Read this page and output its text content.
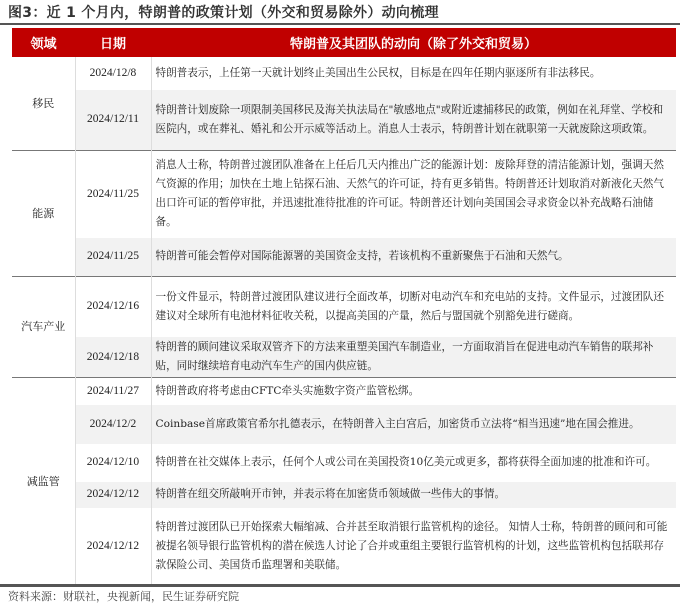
图3：近 1 个月内，特朗普的政策计划（外交和贸易除外）动向梳理
领域	日期	特朗普及其团队的动向（除了外交和贸易）
移民	2024/12/8	特朗普表示，上任第一天就计划终止美国出生公民权，目标是在四年任期内驱逐所有非法移民。
	2024/12/11	特朗普计划废除一项限制美国移民及海关执法局在"敏感地点"或附近逮捕移民的政策，例如在礼拜堂、学校和医院内，或在葬礼、婚礼和公开示威等活动上。消息人士表示，特朗普计划在就职第一天就废除这项政策。
能源	2024/11/25	消息人士称，特朗普过渡团队准备在上任后几天内推出广泛的能源计划：废除拜登的清洁能源计划，强调天然气资源的作用；加快在土地上钻探石油、天然气的许可证，持有更多销售。特朗普还计划取消对新液化天然气出口许可证的暂停审批，并迅速批准待批准的许可证。特朗普还计划向美国国会寻求资金以补充战略石油储备。
	2024/11/25	特朗普可能会暂停对国际能源署的美国资金支持，若该机构不重新聚焦于石油和天然气。
汽车产业	2024/12/16	一份文件显示，特朗普过渡团队建议进行全面改革，切断对电动汽车和充电站的支持。文件显示，过渡团队还建议对全球所有电池材料征收关税，以提高美国的产量，然后与盟国就个别豁免进行磋商。
	2024/12/18	特朗普的顾问建议采取双管齐下的方法来重塑美国汽车制造业，一方面取消旨在促进电动汽车销售的联邦补贴，同时继续培育电动汽车生产的国内供应链。
减监管	2024/11/27	特朗普政府将考虑由CFTC牵头实施数字资产监管松绑。
	2024/12/2	Coinbase首席政策官希尔扎德表示，在特朗普入主白宫后，加密货币立法将“相当迅速”地在国会推进。
	2024/12/10	特朗普在社交媒体上表示，任何个人或公司在美国投资10亿美元或更多，都将获得全面加速的批准和许可。
	2024/12/12	特朗普在纽交所敲响开市钟，并表示将在加密货币领域做一些伟大的事情。
	2024/12/12	特朗普过渡团队已开始探索大幅缩减、合并甚至取消银行监管机构的途径。 知情人士称，特朗普的顾问和可能被提名领导银行监管机构的潜在候选人讨论了合并或重组主要银行监管机构的计划，这些监管机构包括联邦存款保险公司、美国货币监理署和美联储。
资料来源：财联社，央视新闻，民生证券研究院
